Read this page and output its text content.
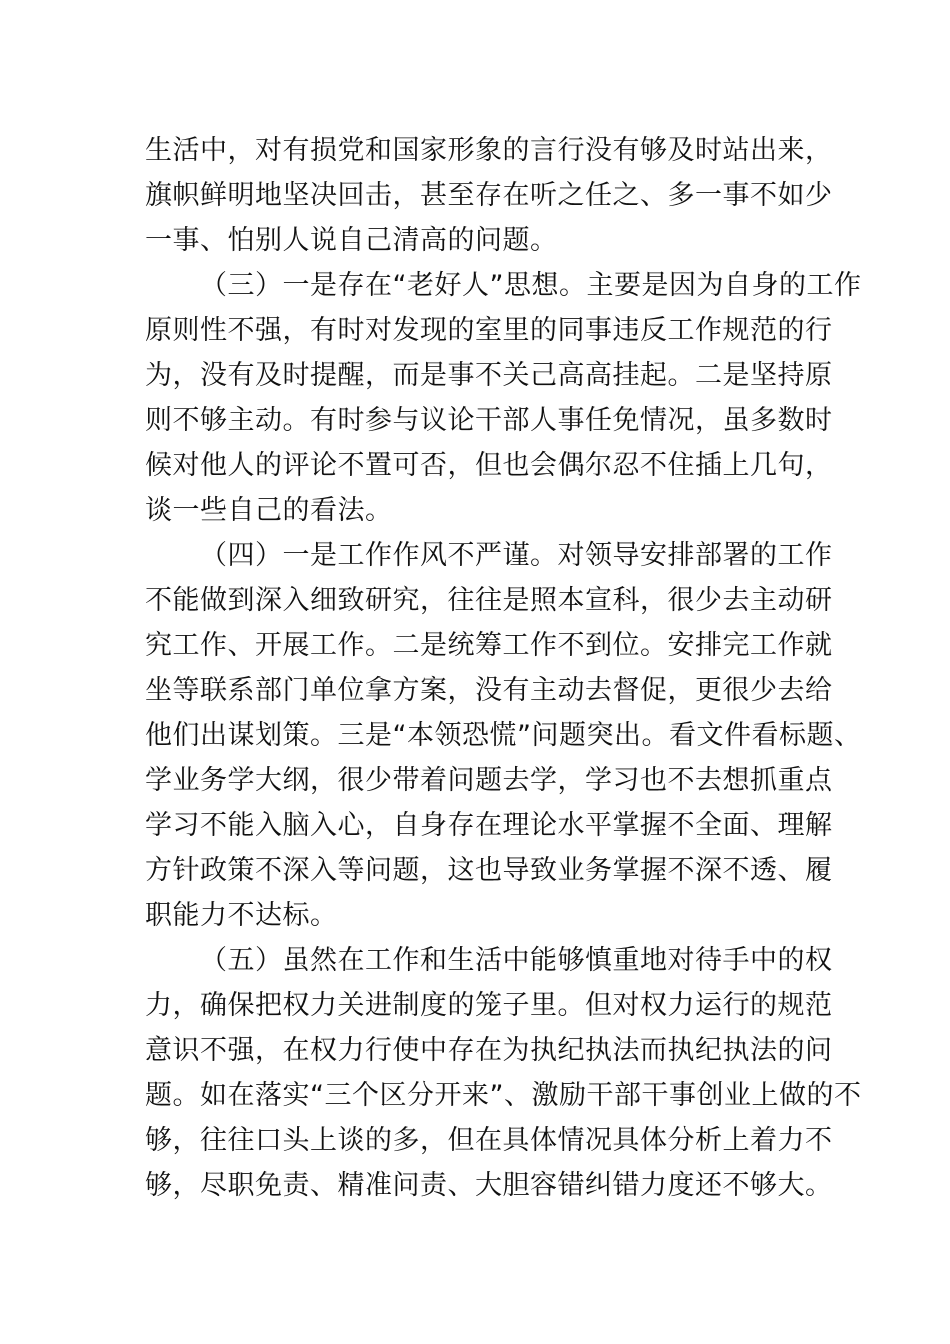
生活中，对有损党和国家形象的言行没有够及时站出来，
旗帜鲜明地坚决回击，甚至存在听之任之、多一事不如少
一事、怕别人说自己清高的问题。
（三）一是存在“老好人”思想。主要是因为自身的工作
原则性不强，有时对发现的室里的同事违反工作规范的行
为，没有及时提醒，而是事不关己高高挂起。二是坚持原
则不够主动。有时参与议论干部人事任免情况，虽多数时
候对他人的评论不置可否，但也会偶尔忍不住插上几句，
谈一些自己的看法。
（四）一是工作作风不严谨。对领导安排部署的工作
不能做到深入细致研究，往往是照本宣科，很少去主动研
究工作、开展工作。二是统筹工作不到位。安排完工作就
坐等联系部门单位拿方案，没有主动去督促，更很少去给
他们出谋划策。三是“本领恐慌”问题突出。看文件看标题、
学业务学大纲，很少带着问题去学，学习也不去想抓重点
学习不能入脑入心，自身存在理论水平掌握不全面、理解
方针政策不深入等问题，这也导致业务掌握不深不透、履
职能力不达标。
（五）虽然在工作和生活中能够慎重地对待手中的权
力，确保把权力关进制度的笼子里。但对权力运行的规范
意识不强，在权力行使中存在为执纪执法而执纪执法的问
题。如在落实“三个区分开来”、激励干部干事创业上做的不
够，往往口头上谈的多，但在具体情况具体分析上着力不
够，尽职免责、精准问责、大胆容错纠错力度还不够大。
